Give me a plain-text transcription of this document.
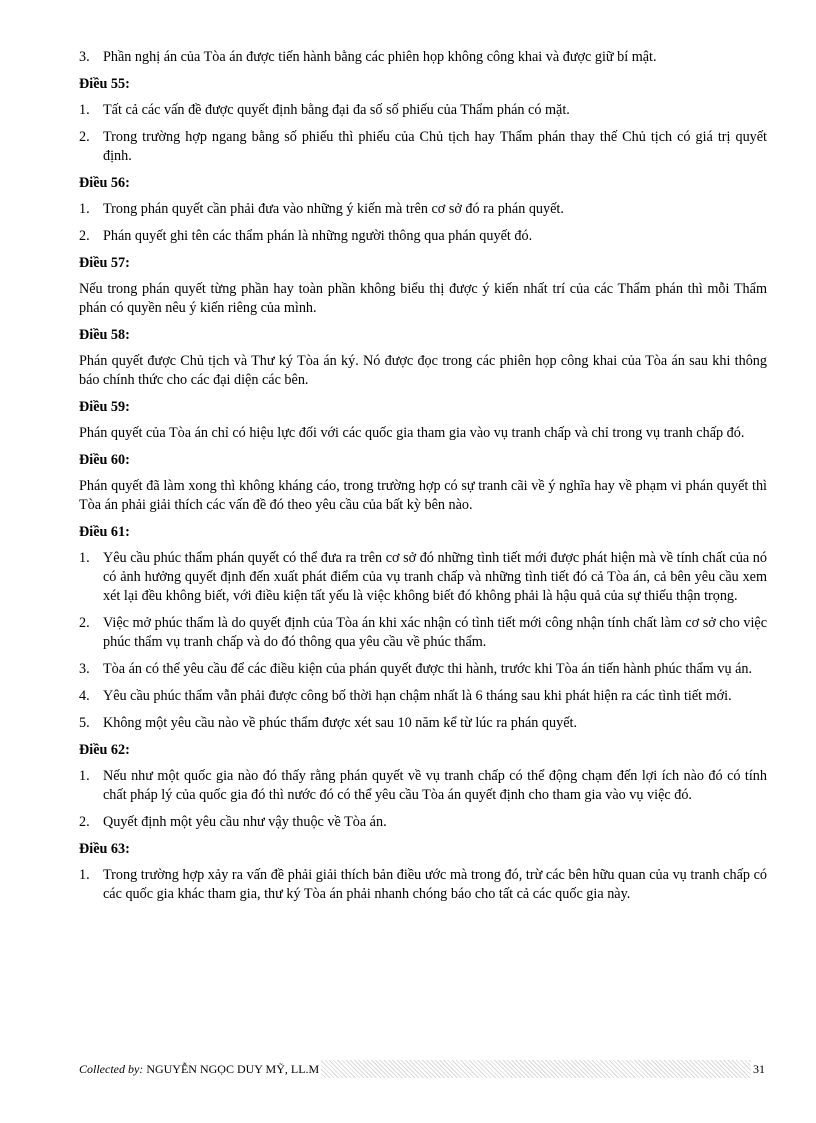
3. Phần nghị án của Tòa án được tiến hành bằng các phiên họp không công khai và được giữ bí mật.
Điều 55:
1. Tất cả các vấn đề được quyết định bằng đại đa số số phiếu của Thẩm phán có mặt.
2. Trong trường hợp ngang bằng số phiếu thì phiếu của Chủ tịch hay Thẩm phán thay thế Chủ tịch có giá trị quyết định.
Điều 56:
1. Trong phán quyết cần phải đưa vào những ý kiến mà trên cơ sở đó ra phán quyết.
2. Phán quyết ghi tên các thẩm phán là những người thông qua phán quyết đó.
Điều 57:
Nếu trong phán quyết từng phần hay toàn phần không biểu thị được ý kiến nhất trí của các Thẩm phán thì mỗi Thẩm phán có quyền nêu ý kiến riêng của mình.
Điều 58:
Phán quyết được Chủ tịch và Thư ký Tòa án ký. Nó được đọc trong các phiên họp công khai của Tòa án sau khi thông báo chính thức cho các đại diện các bên.
Điều 59:
Phán quyết của Tòa án chỉ có hiệu lực đối với các quốc gia tham gia vào vụ tranh chấp và chỉ trong vụ tranh chấp đó.
Điều 60:
Phán quyết đã làm xong thì không kháng cáo, trong trường hợp có sự tranh cãi về ý nghĩa hay về phạm vi phán quyết thì Tòa án phải giải thích các vấn đề đó theo yêu cầu của bất kỳ bên nào.
Điều 61:
1. Yêu cầu phúc thẩm phán quyết có thể đưa ra trên cơ sở đó những tình tiết mới được phát hiện mà về tính chất của nó có ảnh hưởng quyết định đến xuất phát điểm của vụ tranh chấp và những tình tiết đó cả Tòa án, cả bên yêu cầu xem xét lại đều không biết, với điều kiện tất yếu là việc không biết đó không phải là hậu quả của sự thiếu thận trọng.
2. Việc mở phúc thẩm là do quyết định của Tòa án khi xác nhận có tình tiết mới công nhận tính chất làm cơ sở cho việc phúc thẩm vụ tranh chấp và do đó thông qua yêu cầu về phúc thẩm.
3. Tòa án có thể yêu cầu để các điều kiện của phán quyết được thi hành, trước khi Tòa án tiến hành phúc thẩm vụ án.
4. Yêu cầu phúc thẩm vẫn phải được công bố thời hạn chậm nhất là 6 tháng sau khi phát hiện ra các tình tiết mới.
5. Không một yêu cầu nào về phúc thẩm được xét sau 10 năm kể từ lúc ra phán quyết.
Điều 62:
1. Nếu như một quốc gia nào đó thấy rằng phán quyết về vụ tranh chấp có thể động chạm đến lợi ích nào đó có tính chất pháp lý của quốc gia đó thì nước đó có thể yêu cầu Tòa án quyết định cho tham gia vào vụ việc đó.
2. Quyết định một yêu cầu như vậy thuộc về Tòa án.
Điều 63:
1. Trong trường hợp xảy ra vấn đề phải giải thích bản điều ước mà trong đó, trừ các bên hữu quan của vụ tranh chấp có các quốc gia khác tham gia, thư ký Tòa án phải nhanh chóng báo cho tất cả các quốc gia này.
Collected by: NGUYỄN NGỌC DUY MỸ, LL.M	31
